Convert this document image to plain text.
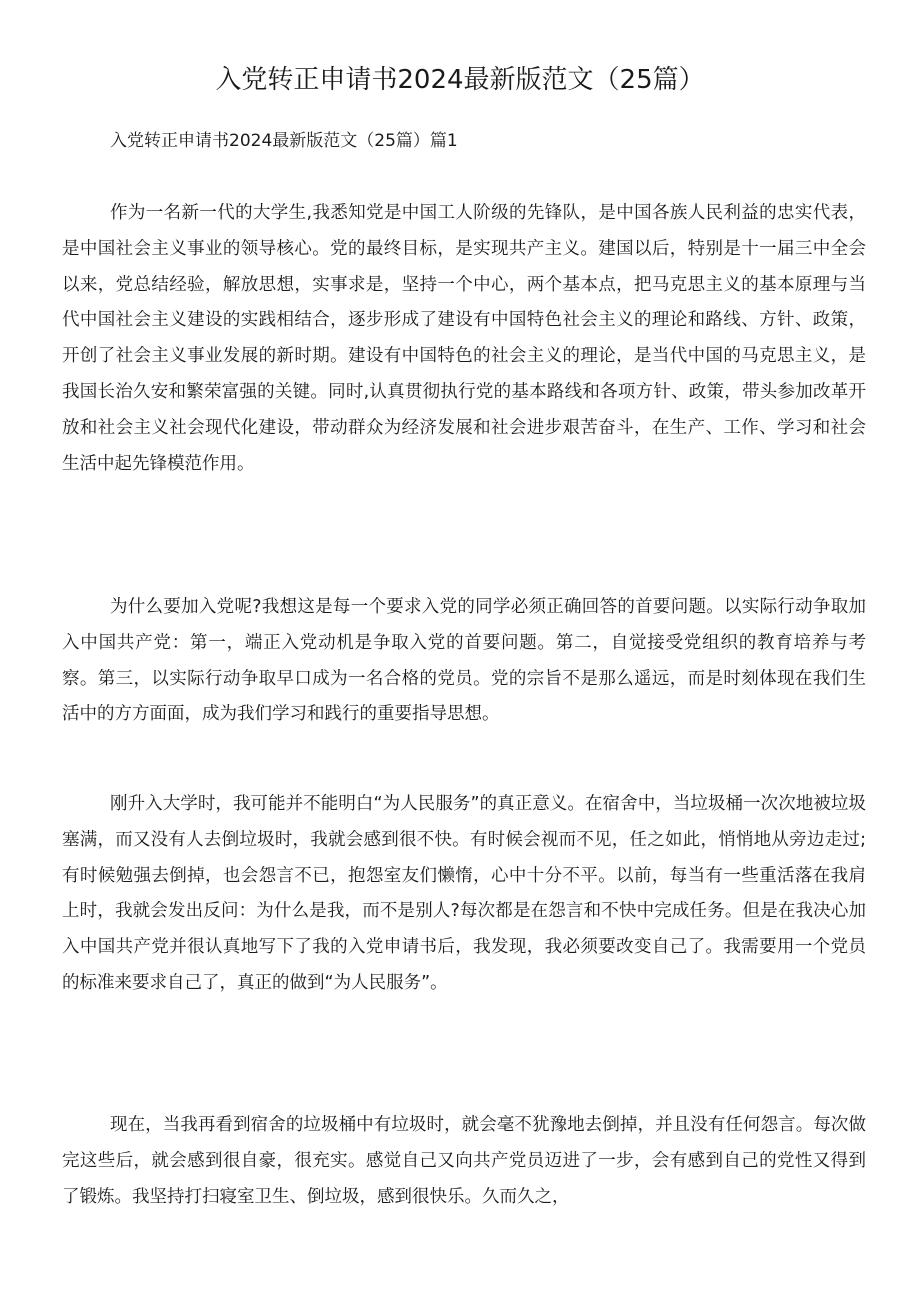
入党转正申请书2024最新版范文（25篇）

入党转正申请书2024最新版范文（25篇）篇1

作为一名新一代的大学生,我悉知党是中国工人阶级的先锋队，是中国各族人民利益的忠实代表，是中国社会主义事业的领导核心。党的最终目标，是实现共产主义。建国以后，特别是十一届三中全会以来，党总结经验，解放思想，实事求是，坚持一个中心，两个基本点，把马克思主义的基本原理与当代中国社会主义建设的实践相结合，逐步形成了建设有中国特色社会主义的理论和路线、方针、政策，开创了社会主义事业发展的新时期。建设有中国特色的社会主义的理论，是当代中国的马克思主义，是我国长治久安和繁荣富强的关键。同时,认真贯彻执行党的基本路线和各项方针、政策，带头参加改革开放和社会主义社会现代化建设，带动群众为经济发展和社会进步艰苦奋斗，在生产、工作、学习和社会生活中起先锋模范作用。

为什么要加入党呢?我想这是每一个要求入党的同学必须正确回答的首要问题。以实际行动争取加入中国共产党：第一，端正入党动机是争取入党的首要问题。第二，自觉接受党组织的教育培养与考察。第三，以实际行动争取早口成为一名合格的党员。党的宗旨不是那么遥远，而是时刻体现在我们生活中的方方面面，成为我们学习和践行的重要指导思想。

刚升入大学时，我可能并不能明白“为人民服务”的真正意义。在宿舍中，当垃圾桶一次次地被垃圾塞满，而又没有人去倒垃圾时，我就会感到很不快。有时候会视而不见，任之如此，悄悄地从旁边走过;有时候勉强去倒掉，也会怨言不已，抱怨室友们懒惰，心中十分不平。以前，每当有一些重活落在我肩上时，我就会发出反问：为什么是我，而不是别人?每次都是在怨言和不快中完成任务。但是在我决心加入中国共产党并很认真地写下了我的入党申请书后，我发现，我必须要改变自己了。我需要用一个党员的标准来要求自己了，真正的做到“为人民服务”。

现在，当我再看到宿舍的垃圾桶中有垃圾时，就会毫不犹豫地去倒掉，并且没有任何怨言。每次做完这些后，就会感到很自豪，很充实。感觉自己又向共产党员迈进了一步，会有感到自己的党性又得到了锻炼。我坚持打扫寝室卫生、倒垃圾，感到很快乐。久而久之，
